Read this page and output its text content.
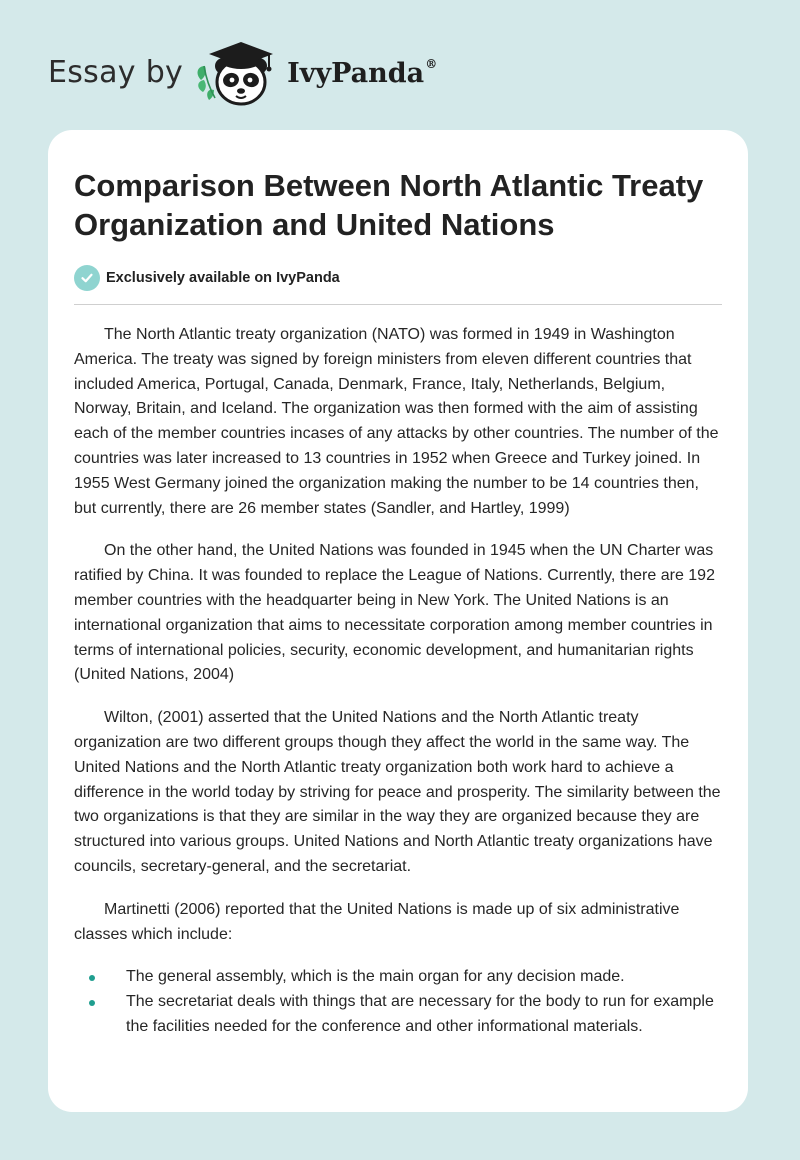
Essay by	IvyPanda®
Comparison Between North Atlantic Treaty Organization and United Nations
Exclusively available on IvyPanda

The North Atlantic treaty organization (NATO) was formed in 1949 in Washington America. The treaty was signed by foreign ministers from eleven different countries that included America, Portugal, Canada, Denmark, France, Italy, Netherlands, Belgium, Norway, Britain, and Iceland. The organization was then formed with the aim of assisting each of the member countries incases of any attacks by other countries. The number of the countries was later increased to 13 countries in 1952 when Greece and Turkey joined. In 1955 West Germany joined the organization making the number to be 14 countries then, but currently, there are 26 member states (Sandler, and Hartley, 1999)

On the other hand, the United Nations was founded in 1945 when the UN Charter was ratified by China. It was founded to replace the League of Nations. Currently, there are 192 member countries with the headquarter being in New York. The United Nations is an international organization that aims to necessitate corporation among member countries in terms of international policies, security, economic development, and humanitarian rights (United Nations, 2004)

Wilton, (2001) asserted that the United Nations and the North Atlantic treaty organization are two different groups though they affect the world in the same way. The United Nations and the North Atlantic treaty organization both work hard to achieve a difference in the world today by striving for peace and prosperity. The similarity between the two organizations is that they are similar in the way they are organized because they are structured into various groups. United Nations and North Atlantic treaty organizations have councils, secretary-general, and the secretariat.

Martinetti (2006) reported that the United Nations is made up of six administrative classes which include:

The general assembly, which is the main organ for any decision made.
The secretariat deals with things that are necessary for the body to run for example the facilities needed for the conference and other informational materials.
